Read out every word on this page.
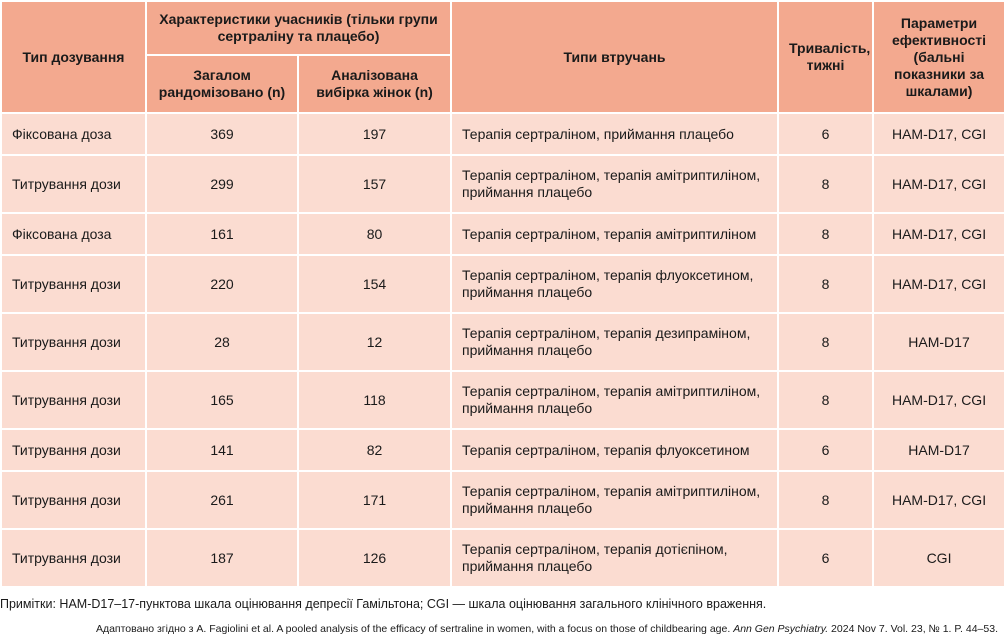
Тип дозування	Характеристики учасників (тільки групи сертраліну та плацебо)		Типи втручань	Тривалість, тижні	Параметри ефективності (бальні показники за шкалами)
	Загалом рандомізовано (n)	Аналізована вибірка жінок (n)			
Фіксована доза	369	197	Терапія сертраліном, приймання плацебо	6	HAM-D17, CGI
Титрування дози	299	157	Терапія сертраліном, терапія амітриптиліном, приймання плацебо	8	HAM-D17, CGI
Фіксована доза	161	80	Терапія сертраліном, терапія амітриптиліном	8	HAM-D17, CGI
Титрування дози	220	154	Терапія сертраліном, терапія флуоксетином, приймання плацебо	8	HAM-D17, CGI
Титрування дози	28	12	Терапія сертраліном, терапія дезипраміном, приймання плацебо	8	HAM-D17
Титрування дози	165	118	Терапія сертраліном, терапія амітриптиліном, приймання плацебо	8	HAM-D17, CGI
Титрування дози	141	82	Терапія сертраліном, терапія флуоксетином	6	HAM-D17
Титрування дози	261	171	Терапія сертраліном, терапія амітриптиліном, приймання плацебо	8	HAM-D17, CGI
Титрування дози	187	126	Терапія сертраліном, терапія дотієпіном, приймання плацебо	6	CGI
Примітки: HAM-D17–17-пунктова шкала оцінювання депресії Гамільтона; CGI — шкала оцінювання загального клінічного враження.
Адаптовано згідно з A. Fagiolini et al. A pooled analysis of the efficacy of sertraline in women, with a focus on those of childbearing age. Ann Gen Psychiatry. 2024 Nov 7. Vol. 23, № 1. P. 44–53.
